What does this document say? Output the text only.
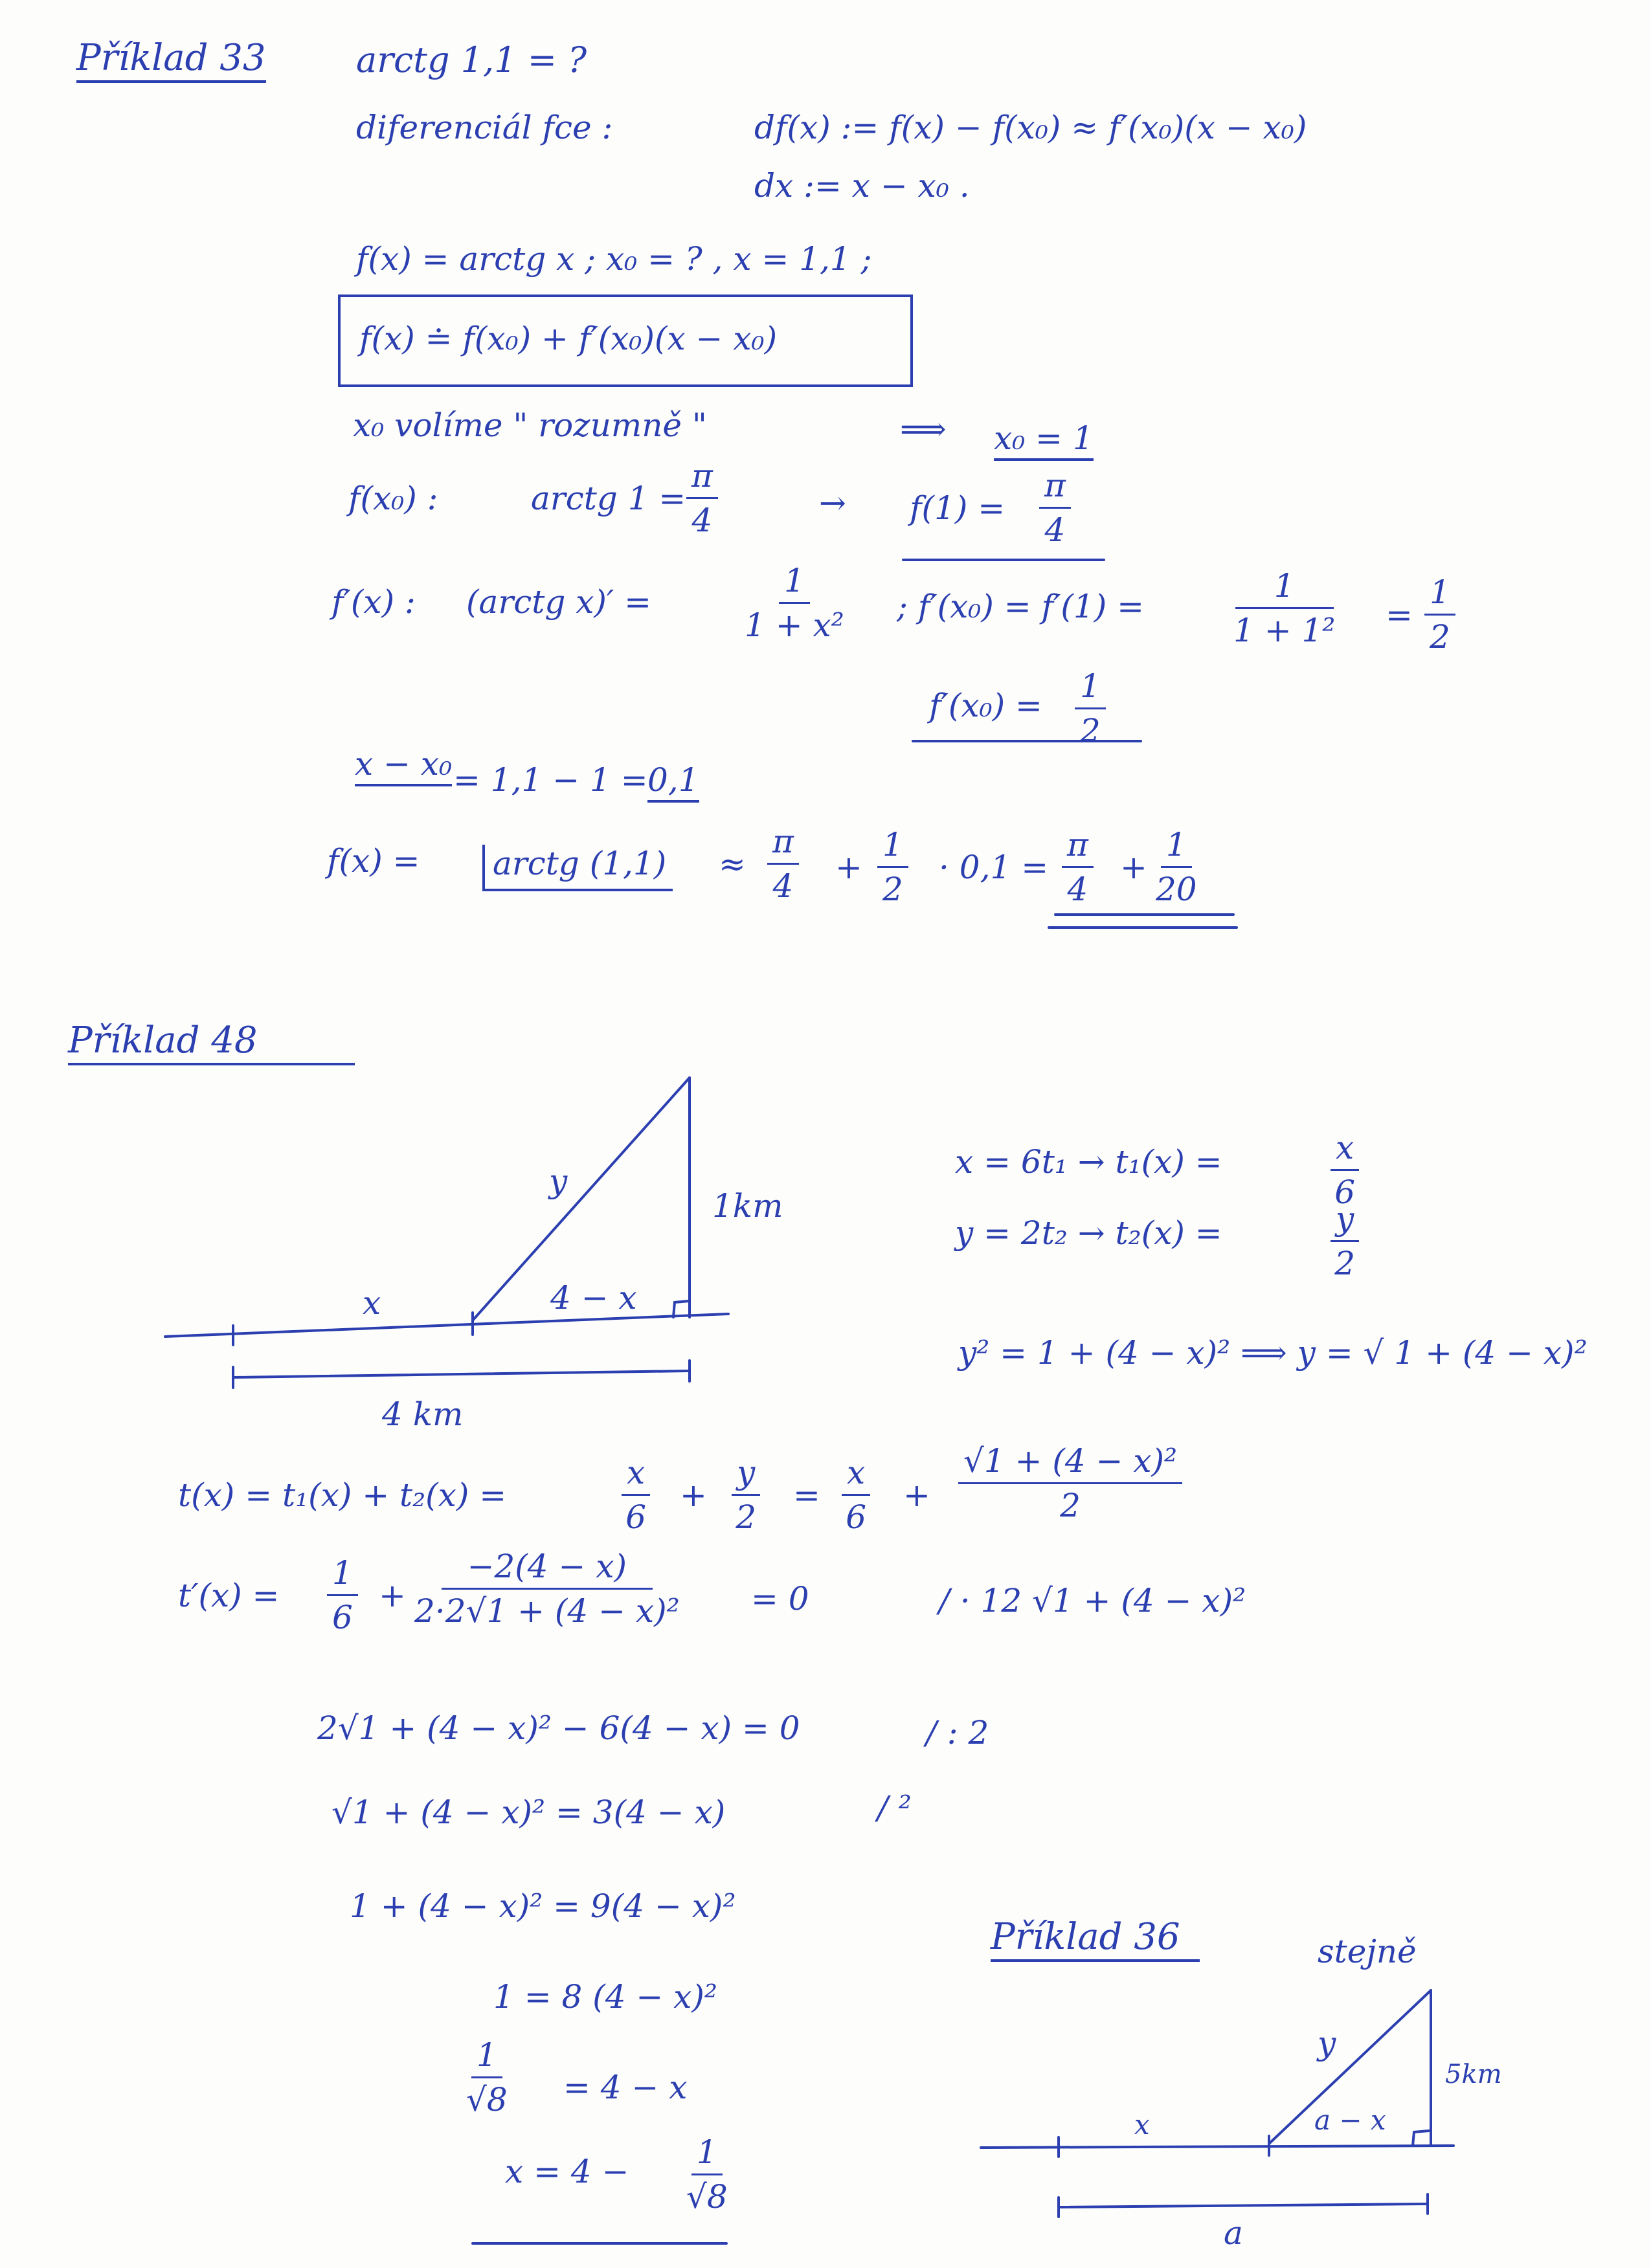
Příklad 33	arctg 1,1 = ?
diferenciál fce :	df(x) := f(x) − f(x₀) ≈ f′(x₀)(x − x₀)
dx := x − x₀ .
f(x) = arctg x ; x₀ = ? , x = 1,1 ;
f(x) ≐ f(x₀) + f′(x₀)(x − x₀)
x₀ volíme " rozumně "	⟹ x₀ = 1
f(x₀) :	arctg $1 = \frac{\pi}{4}$	→ $f(1) = \frac{\pi}{4}$
f′(x) : (arctg x)′ =	$\frac{1}{\text{1 + x²}}$ ; f′(x₀) = f′(1) =	$\frac{1}{\text{1 + 1²}} = \frac{1}{2}$
$f'(x_0) = \frac{1}{2}$
x − x₀ = 1,1 − 1 = 0,1
f(x) =	arctg $(1,1) \approx \frac{\pi}{4} + \frac{1}{2} \cdot 0,1 = \frac{\pi}{4} + \frac{1}{20}$
Příklad 48
y
1km
x	4 − x
4 km
x = 6t₁ → t₁(x) =	$\frac{x}{6}$
y = 2t₂ → t₂(x) =	$\frac{y}{2}$
y² = 1 + (4 − x)² ⟹ y = √ 1 + (4 − x)²
t(x) = t₁(x) + t₂(x) =	$\frac{x}{6} + \frac{y}{2} = \frac{x}{6} + \frac{\text{√1 + (4 − x)²}}{2}$
$t'(x) = \frac{1}{6} + \frac{-2(4 - x)}{\text{2·2√1 + (4 − x)²}} = 0$	/ · 12 √1 + (4 − x)²
2√1 + (4 − x)² − 6(4 − x) = 0	/ : 2
√1 + (4 − x)² = 3(4 − x)	/ ²
1 + (4 − x)² = 9(4 − x)²
1 = 8 (4 − x)²
$\frac{1}{√8} = 4 - x$
$x = 4 - \frac{1}{√8}$
Příklad 36	stejně
y
5km
x	a − x
a
